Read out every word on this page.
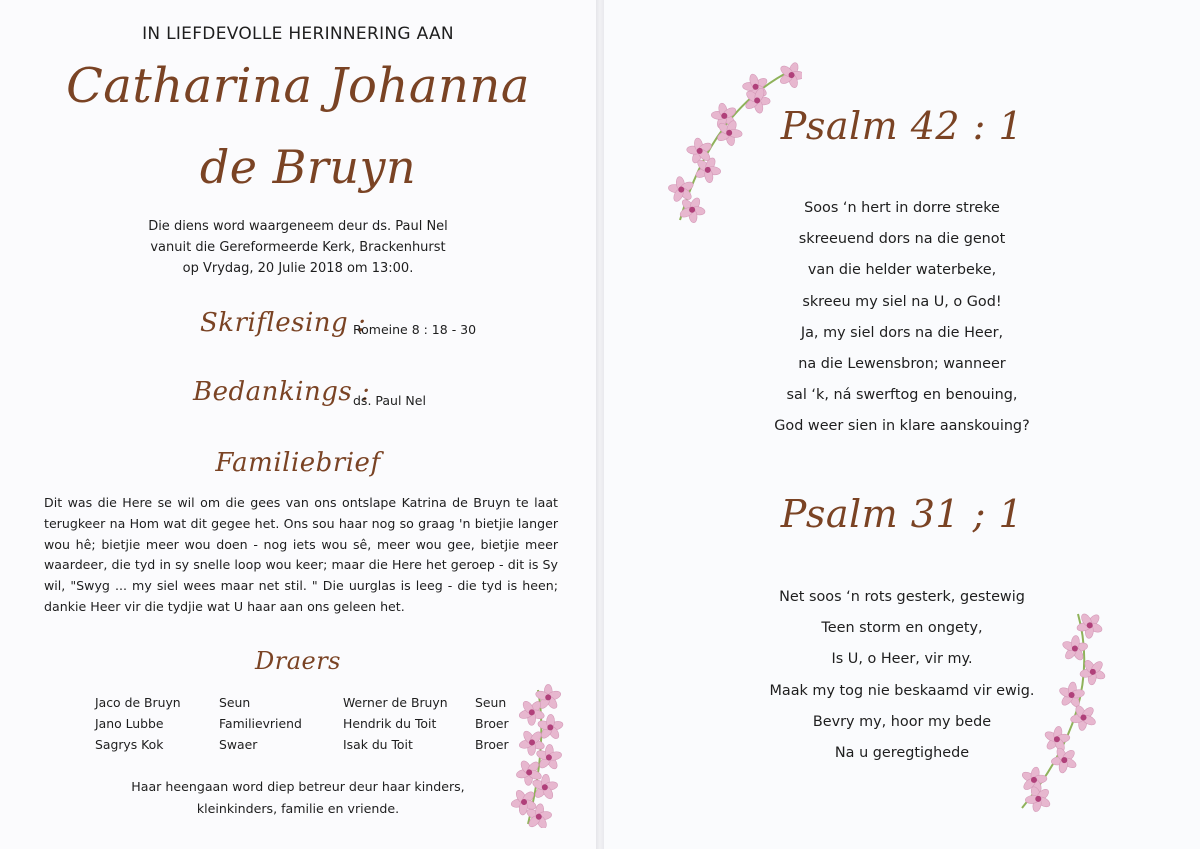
IN LIEFDEVOLLE HERINNERING AAN
Catharina Johanna
de Bruyn
Die diens word waargeneem deur ds. Paul Nel
vanuit die Gereformeerde Kerk, Brackenhurst
op Vrydag, 20 Julie 2018 om 13:00.
Skriflesing :
Romeine 8 : 18 - 30
Bedankings :
ds. Paul Nel
Familiebrief
Dit was die Here se wil om die gees van ons ontslape Katrina de Bruyn te laat terugkeer na Hom wat dit gegee het. Ons sou haar nog so graag 'n bietjie langer wou hê; bietjie meer wou doen - nog iets wou sê, meer wou gee, bietjie meer waardeer, die tyd in sy snelle loop wou keer; maar die Here het geroep - dit is Sy wil, "Swyg ... my siel wees maar net stil. " Die uurglas is leeg - die tyd is heen; dankie Heer vir die tydjie wat U haar aan ons geleen het.
Draers
Jaco de Bruyn	Seun	Werner de Bruyn	Seun
Jano Lubbe	Familievriend	Hendrik du Toit	Broer
Sagrys Kok	Swaer	Isak du Toit	Broer
Haar heengaan word diep betreur deur haar kinders,
kleinkinders, familie en vriende.
Psalm 42 : 1
Soos ‘n hert in dorre streke
skreeuend dors na die genot
van die helder waterbeke,
skreeu my siel na U, o God!
Ja, my siel dors na die Heer,
na die Lewensbron; wanneer
sal ‘k, ná swerftog en benouing,
God weer sien in klare aanskouing?
Psalm 31 ; 1
Net soos ‘n rots gesterk, gestewig
Teen storm en ongety,
Is U, o Heer, vir my.
Maak my tog nie beskaamd vir ewig.
Bevry my, hoor my bede
Na u geregtighede
